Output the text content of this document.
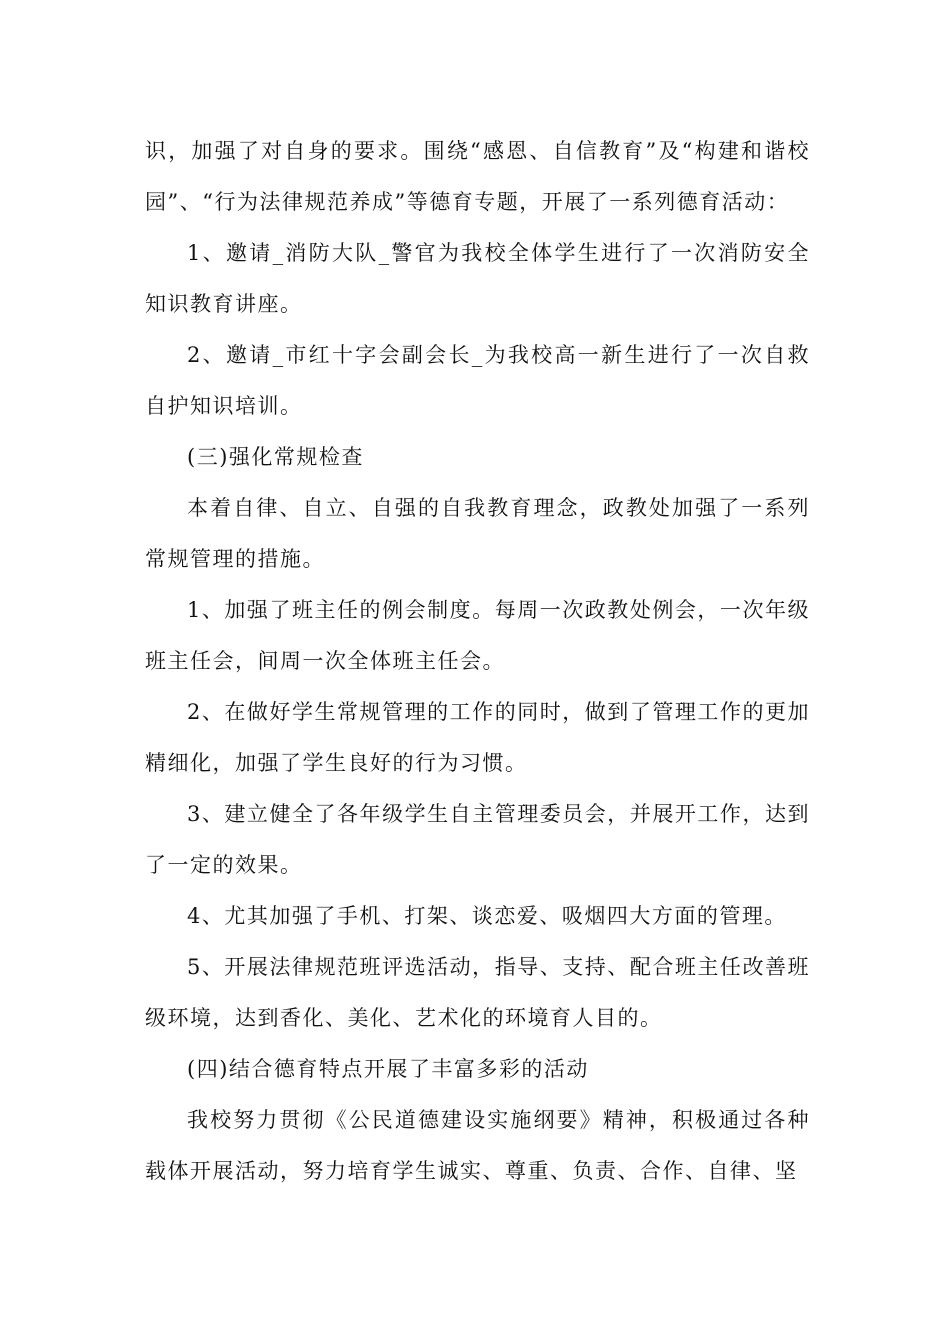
识，加强了对自身的要求。围绕“感恩、自信教育”及“构建和谐校园”、“行为法律规范养成”等德育专题，开展了一系列德育活动：

1、邀请_消防大队_警官为我校全体学生进行了一次消防安全知识教育讲座。

2、邀请_市红十字会副会长_为我校高一新生进行了一次自救自护知识培训。

(三)强化常规检查

本着自律、自立、自强的自我教育理念，政教处加强了一系列常规管理的措施。

1、加强了班主任的例会制度。每周一次政教处例会，一次年级班主任会，间周一次全体班主任会。

2、在做好学生常规管理的工作的同时，做到了管理工作的更加精细化，加强了学生良好的行为习惯。

3、建立健全了各年级学生自主管理委员会，并展开工作，达到了一定的效果。

4、尤其加强了手机、打架、谈恋爱、吸烟四大方面的管理。

5、开展法律规范班评选活动，指导、支持、配合班主任改善班级环境，达到香化、美化、艺术化的环境育人目的。

(四)结合德育特点开展了丰富多彩的活动

我校努力贯彻《公民道德建设实施纲要》精神，积极通过各种载体开展活动，努力培育学生诚实、尊重、负责、合作、自律、坚
